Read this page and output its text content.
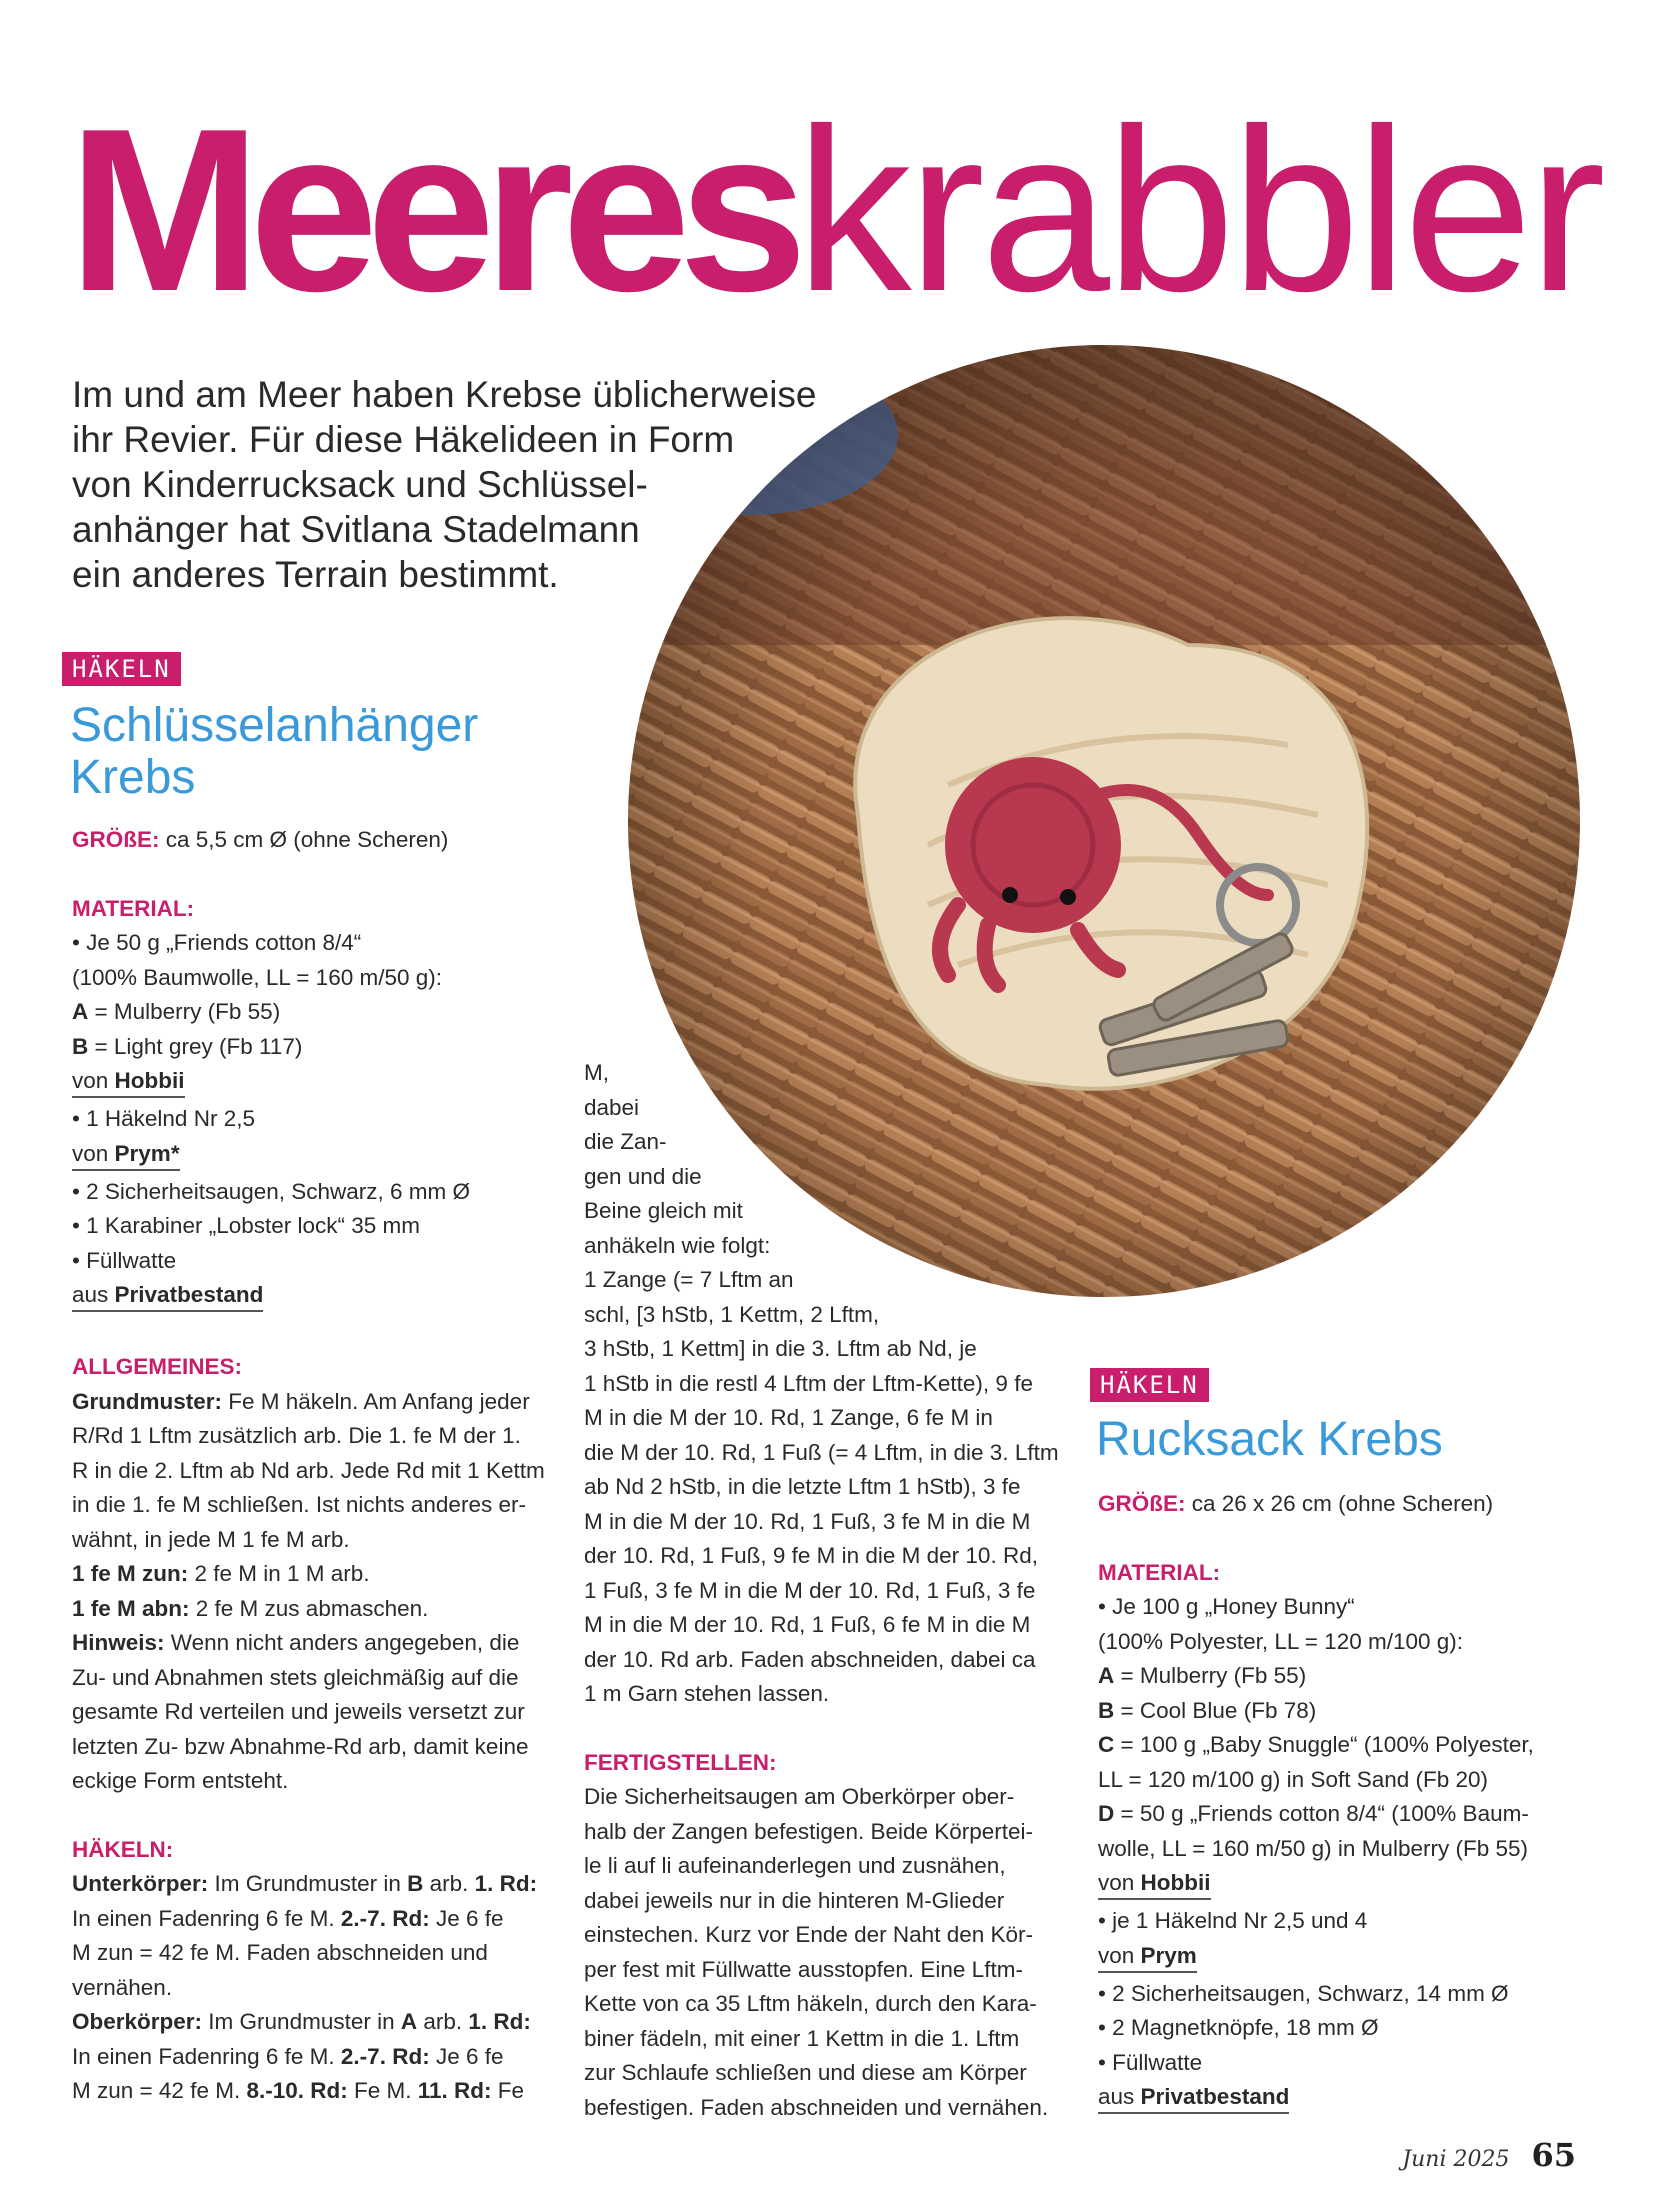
Meereskrabbler
Im und am Meer haben Krebse üblicherweise
ihr Revier. Für diese Häkelideen in Form
von Kinderrucksack und Schlüssel-
anhänger hat Svitlana Stadelmann
ein anderes Terrain bestimmt.
HÄKELN
Schlüsselanhänger
Krebs
GRÖßE: ca 5,5 cm Ø (ohne Scheren)
MATERIAL:
• Je 50 g „Friends cotton 8/4“
(100% Baumwolle, LL = 160 m/50 g):
A = Mulberry (Fb 55)
B = Light grey (Fb 117)
von Hobbii
• 1 Häkelnd Nr 2,5
von Prym*
• 2 Sicherheitsaugen, Schwarz, 6 mm Ø
• 1 Karabiner „Lobster lock“ 35 mm
• Füllwatte
aus Privatbestand
ALLGEMEINES:
Grundmuster: Fe M häkeln. Am Anfang jeder
R/Rd 1 Lftm zusätzlich arb. Die 1. fe M der 1.
R in die 2. Lftm ab Nd arb. Jede Rd mit 1 Kettm
in die 1. fe M schließen. Ist nichts anderes er-
wähnt, in jede M 1 fe M arb.
1 fe M zun: 2 fe M in 1 M arb.
1 fe M abn: 2 fe M zus abmaschen.
Hinweis: Wenn nicht anders angegeben, die
Zu- und Abnahmen stets gleichmäßig auf die
gesamte Rd verteilen und jeweils versetzt zur
letzten Zu- bzw Abnahme-Rd arb, damit keine
eckige Form entsteht.
HÄKELN:
Unterkörper: Im Grundmuster in B arb. 1. Rd:
In einen Fadenring 6 fe M. 2.-7. Rd: Je 6 fe
M zun = 42 fe M. Faden abschneiden und
vernähen.
Oberkörper: Im Grundmuster in A arb. 1. Rd:
In einen Fadenring 6 fe M. 2.-7. Rd: Je 6 fe
M zun = 42 fe M. 8.-10. Rd: Fe M. 11. Rd: Fe
M,
dabei
die Zan-
gen und die
Beine gleich mit
anhäkeln wie folgt:
1 Zange (= 7 Lftm an
schl, [3 hStb, 1 Kettm, 2 Lftm,
3 hStb, 1 Kettm] in die 3. Lftm ab Nd, je
1 hStb in die restl 4 Lftm der Lftm-Kette), 9 fe
M in die M der 10. Rd, 1 Zange, 6 fe M in
die M der 10. Rd, 1 Fuß (= 4 Lftm, in die 3. Lftm
ab Nd 2 hStb, in die letzte Lftm 1 hStb), 3 fe
M in die M der 10. Rd, 1 Fuß, 3 fe M in die M
der 10. Rd, 1 Fuß, 9 fe M in die M der 10. Rd,
1 Fuß, 3 fe M in die M der 10. Rd, 1 Fuß, 3 fe
M in die M der 10. Rd, 1 Fuß, 6 fe M in die M
der 10. Rd arb. Faden abschneiden, dabei ca
1 m Garn stehen lassen.
FERTIGSTELLEN:
Die Sicherheitsaugen am Oberkörper ober-
halb der Zangen befestigen. Beide Körpertei-
le li auf li aufeinanderlegen und zusnähen,
dabei jeweils nur in die hinteren M-Glieder
einstechen. Kurz vor Ende der Naht den Kör-
per fest mit Füllwatte ausstopfen. Eine Lftm-
Kette von ca 35 Lftm häkeln, durch den Kara-
biner fädeln, mit einer 1 Kettm in die 1. Lftm
zur Schlaufe schließen und diese am Körper
befestigen. Faden abschneiden und vernähen.
HÄKELN
Rucksack Krebs
GRÖßE: ca 26 x 26 cm (ohne Scheren)
MATERIAL:
• Je 100 g „Honey Bunny“
(100% Polyester, LL = 120 m/100 g):
A = Mulberry (Fb 55)
B = Cool Blue (Fb 78)
C = 100 g „Baby Snuggle“ (100% Polyester,
LL = 120 m/100 g) in Soft Sand (Fb 20)
D = 50 g „Friends cotton 8/4“ (100% Baum-
wolle, LL = 160 m/50 g) in Mulberry (Fb 55)
von Hobbii
• je 1 Häkelnd Nr 2,5 und 4
von Prym
• 2 Sicherheitsaugen, Schwarz, 14 mm Ø
• 2 Magnetknöpfe, 18 mm Ø
• Füllwatte
aus Privatbestand
Juni 2025 65
